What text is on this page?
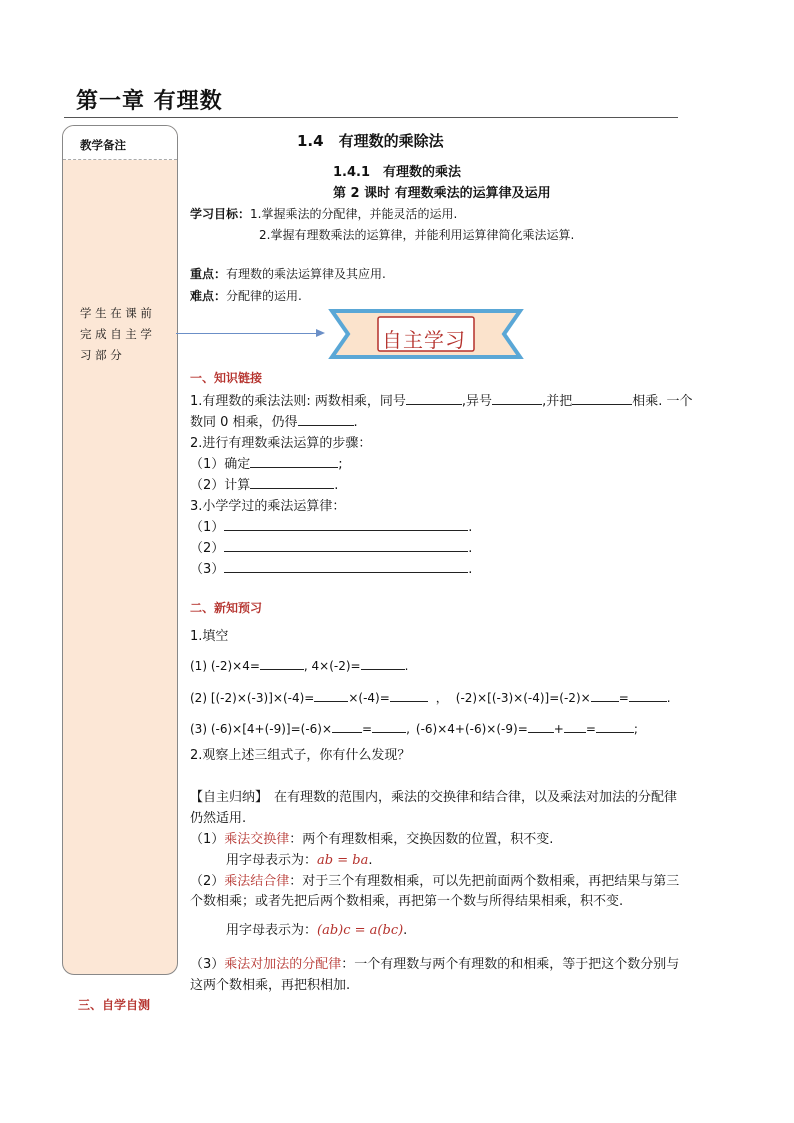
第一章 有理数
教学备注
学生在课前完成自主学习部分
1.4　有理数的乘除法
1.4.1　有理数的乘法
第 2 课时 有理数乘法的运算律及运用
学习目标：1.掌握乘法的分配律，并能灵活的运用.
2.掌握有理数乘法的运算律，并能利用运算律简化乘法运算.
重点：有理数的乘法运算律及其应用.
难点：分配律的运用.
自主学习
一、知识链接
1.有理数的乘法法则: 两数相乘，同号	,异号	,并把	相乘. 一个
数同 0 相乘，仍得	.
2.进行有理数乘法运算的步骤：
（1）确定	;
（2）计算	.
3.小学学过的乘法运算律：
（1）	.
（2）	.
（3）	.
二、新知预习
1.填空
(1) (-2)×4=	, 4×(-2)=	.
(2) [(-2)×(-3)]×(-4)=	×(-4)=	， (-2)×[(-3)×(-4)]=(-2)× =	.
(3) (-6)×[4+(-9)]=(-6)×	=	, (-6)×4+(-6)×(-9)= + =	;
2.观察上述三组式子，你有什么发现？
【自主归纳】 在有理数的范围内，乘法的交换律和结合律，以及乘法对加法的分配律
仍然适用.
（1）乘法交换律：两个有理数相乘，交换因数的位置，积不变.
用字母表示为：ab = ba.
（2）乘法结合律：对于三个有理数相乘，可以先把前面两个数相乘，再把结果与第三
个数相乘；或者先把后两个数相乘，再把第一个数与所得结果相乘，积不变.
用字母表示为：(ab)c = a(bc).
（3）乘法对加法的分配律：一个有理数与两个有理数的和相乘，等于把这个数分别与
这两个数相乘，再把积相加.
三、自学自测
